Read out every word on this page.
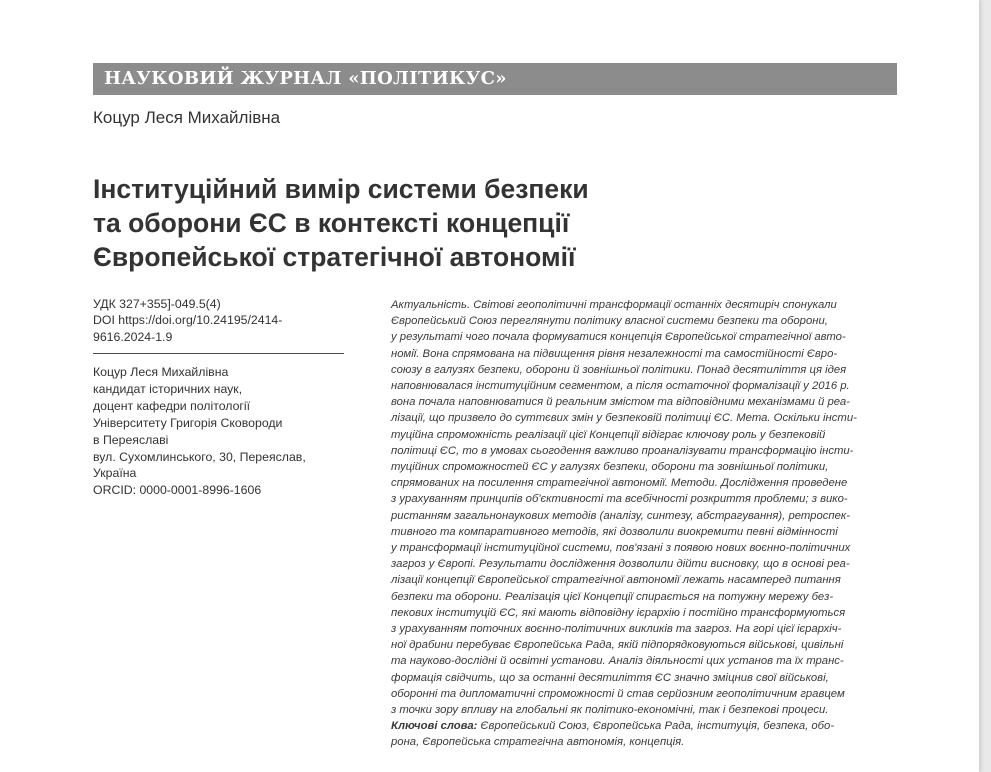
НАУКОВИЙ ЖУРНАЛ «ПОЛІТИКУС»

Коцур Леся Михайлівна

Інституційний вимір системи безпеки
та оборони ЄС в контексті концепції
Європейської стратегічної автономії
УДК 327+355]-049.5(4)
DOI https://doi.org/10.24195/2414-
9616.2024-1.9
Коцур Леся Михайлівна
кандидат історичних наук,
доцент кафедри політології
Університету Григорія Сковороди
в Переяславі
вул. Сухомлинського, 30, Переяслав,
Україна
ORCID: 0000-0001-8996-1606
Актуальність. Світові геополітичні трансформації останніх десятиріч спонукали
Європейський Союз переглянути політику власної системи безпеки та оборони,
у результаті чого почала формуватися концепція Європейської стратегічної авто-
номії. Вона спрямована на підвищення рівня незалежності та самостійності Євро-
союзу в галузях безпеки, оборони й зовнішньої політики. Понад десятиліття ця ідея
наповнювалася інституційним сегментом, а після остаточної формалізації у 2016 р.
вона почала наповнюватися й реальним змістом та відповідними механізмами й реа-
лізації, що призвело до суттєвих змін у безпековій політиці ЄС. Мета. Оскільки інсти-
туційна спроможність реалізації цієї Концепції відіграє ключову роль у безпековій
політиці ЄС, то в умовах сьогодення важливо проаналізувати трансформацію інсти-
туційних спроможностей ЄС у галузях безпеки, оборони та зовнішньої політики,
спрямованих на посилення стратегічної автономії. Методи. Дослідження проведене
з урахуванням принципів об'єктивності та всебічності розкриття проблеми; з вико-
ристанням загальнонаукових методів (аналізу, синтезу, абстрагування), ретроспек-
тивного та компаративного методів, які дозволили виокремити певні відмінності
у трансформації інституційної системи, пов'язані з появою нових воєнно-політичних
загроз у Європі. Результати дослідження дозволили дійти висновку, що в основі реа-
лізації концепції Європейської стратегічної автономії лежать насамперед питання
безпеки та оборони. Реалізація цієї Концепції спирається на потужну мережу без-
пекових інституцій ЄС, які мають відповідну ієрархію і постійно трансформуються
з урахуванням поточних воєнно-політичних викликів та загроз. На горі цієї ієрархіч-
ної драбини перебуває Європейська Рада, якій підпорядковуються військові, цивільні
та науково-дослідні й освітні установи. Аналіз діяльності цих установ та їх транс-
формація свідчить, що за останні десятиліття ЄС значно зміцнив свої військові,
оборонні та дипломатичні спроможності й став серйозним геополітичним гравцем
з точки зору впливу на глобальні як політико-економічні, так і безпекові процеси.
Ключові слова: Європейський Союз, Європейська Рада, інституція, безпека, обо-
рона, Європейська стратегічна автономія, концепція.
